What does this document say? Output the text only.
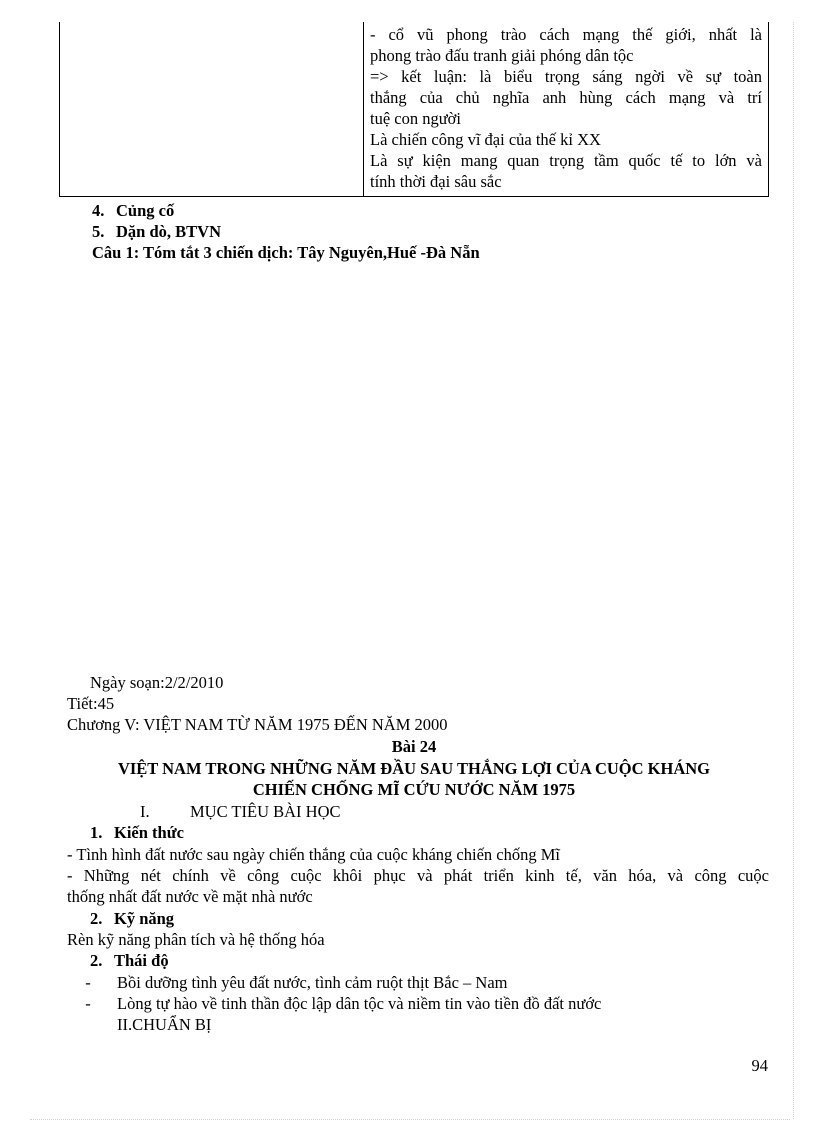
- cổ vũ phong trào cách mạng thế giới, nhất là

phong trào đấu tranh giải phóng dân tộc

=> kết luận: là biểu trọng sáng ngời về sự toàn

thắng của chủ nghĩa anh hùng cách mạng và trí

tuệ con người

Là chiến công vĩ đại của thế kỉ XX

Là sự kiện mang quan trọng tầm quốc tế to lớn và

tính thời đại sâu sắc

4. Củng cố
5. Dặn dò, BTVN
Câu 1: Tóm tắt 3 chiến dịch: Tây Nguyên,Huế -Đà Nẵn
Ngày soạn:2/2/2010
Tiết:45
Chương V: VIỆT NAM TỪ NĂM 1975 ĐẾN NĂM 2000
Bài 24
VIỆT NAM TRONG NHỮNG NĂM ĐẦU SAU THẮNG LỢI CỦA CUỘC KHÁNG
CHIẾN CHỐNG MĨ CỨU NƯỚC NĂM 1975
I. MỤC TIÊU BÀI HỌC
1. Kiến thức
- Tình hình đất nước sau ngày chiến thắng của cuộc kháng chiến chống Mĩ
- Những nét chính về công cuộc khôi phục và phát triển kinh tế, văn hóa, và công cuộc
thống nhất đất nước về mặt nhà nước
2. Kỹ năng
Rèn kỹ năng phân tích và hệ thống hóa
2. Thái độ
- Bồi dưỡng tình yêu đất nước, tình cảm ruột thịt Bắc – Nam
- Lòng tự hào về tinh thần độc lập dân tộc và niềm tin vào tiền đồ đất nước
II.CHUẨN BỊ
94
